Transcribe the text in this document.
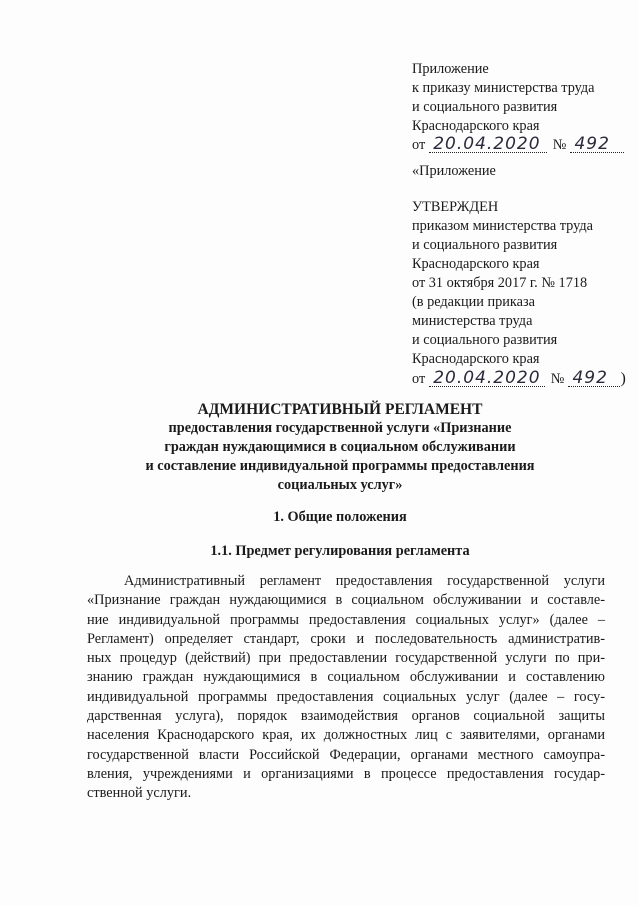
Приложение
к приказу министерства труда
и социального развития
Краснодарского края
от 20.04.2020 № 492
«Приложение
УТВЕРЖДЕН
приказом министерства труда
и социального развития
Краснодарского края
от 31 октября 2017 г. № 1718
(в редакции приказа
министерства труда
и социального развития
Краснодарского края
от 20.04.2020 № 492 )
АДМИНИСТРАТИВНЫЙ РЕГЛАМЕНТ
предоставления государственной услуги «Признание
граждан нуждающимися в социальном обслуживании
и составление индивидуальной программы предоставления
социальных услуг»
1. Общие положения
1.1. Предмет регулирования регламента
Административный регламент предоставления государственной услуги
«Признание граждан нуждающимися в социальном обслуживании и составле-
ние индивидуальной программы предоставления социальных услуг» (далее –
Регламент) определяет стандарт, сроки и последовательность административ-
ных процедур (действий) при предоставлении государственной услуги по при-
знанию граждан нуждающимися в социальном обслуживании и составлению
индивидуальной программы предоставления социальных услуг (далее – госу-
дарственная услуга), порядок взаимодействия органов социальной защиты
населения Краснодарского края, их должностных лиц с заявителями, органами
государственной власти Российской Федерации, органами местного самоупра-
вления, учреждениями и организациями в процессе предоставления государ-
ственной услуги.
